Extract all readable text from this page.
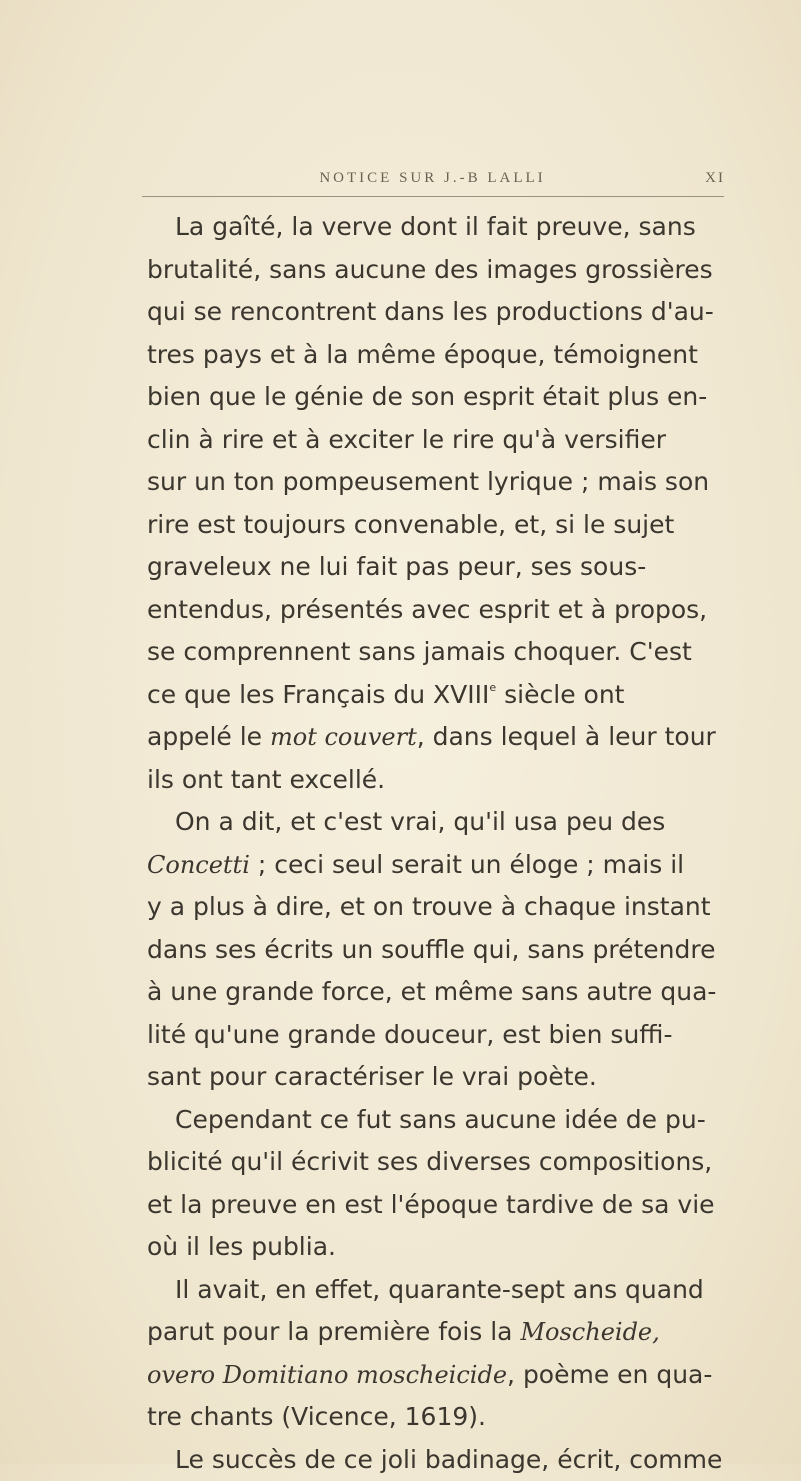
NOTICE SUR J.-B LALLI	XI
La gaîté, la verve dont il fait preuve, sans
brutalité, sans aucune des images grossières
qui se rencontrent dans les productions d'au-
tres pays et à la même époque, témoignent
bien que le génie de son esprit était plus en-
clin à rire et à exciter le rire qu'à versifier
sur un ton pompeusement lyrique ; mais son
rire est toujours convenable, et, si le sujet
graveleux ne lui fait pas peur, ses sous-
entendus, présentés avec esprit et à propos,
se comprennent sans jamais choquer. C'est
ce que les Français du XVIIIe siècle ont
appelé le mot couvert, dans lequel à leur tour
ils ont tant excellé.
On a dit, et c'est vrai, qu'il usa peu des
Concetti ; ceci seul serait un éloge ; mais il
y a plus à dire, et on trouve à chaque instant
dans ses écrits un souffle qui, sans prétendre
à une grande force, et même sans autre qua-
lité qu'une grande douceur, est bien suffi-
sant pour caractériser le vrai poète.
Cependant ce fut sans aucune idée de pu-
blicité qu'il écrivit ses diverses compositions,
et la preuve en est l'époque tardive de sa vie
où il les publia.
Il avait, en effet, quarante-sept ans quand
parut pour la première fois la Moscheide,
overo Domitiano moscheicide, poème en qua-
tre chants (Vicence, 1619).
Le succès de ce joli badinage, écrit, comme
